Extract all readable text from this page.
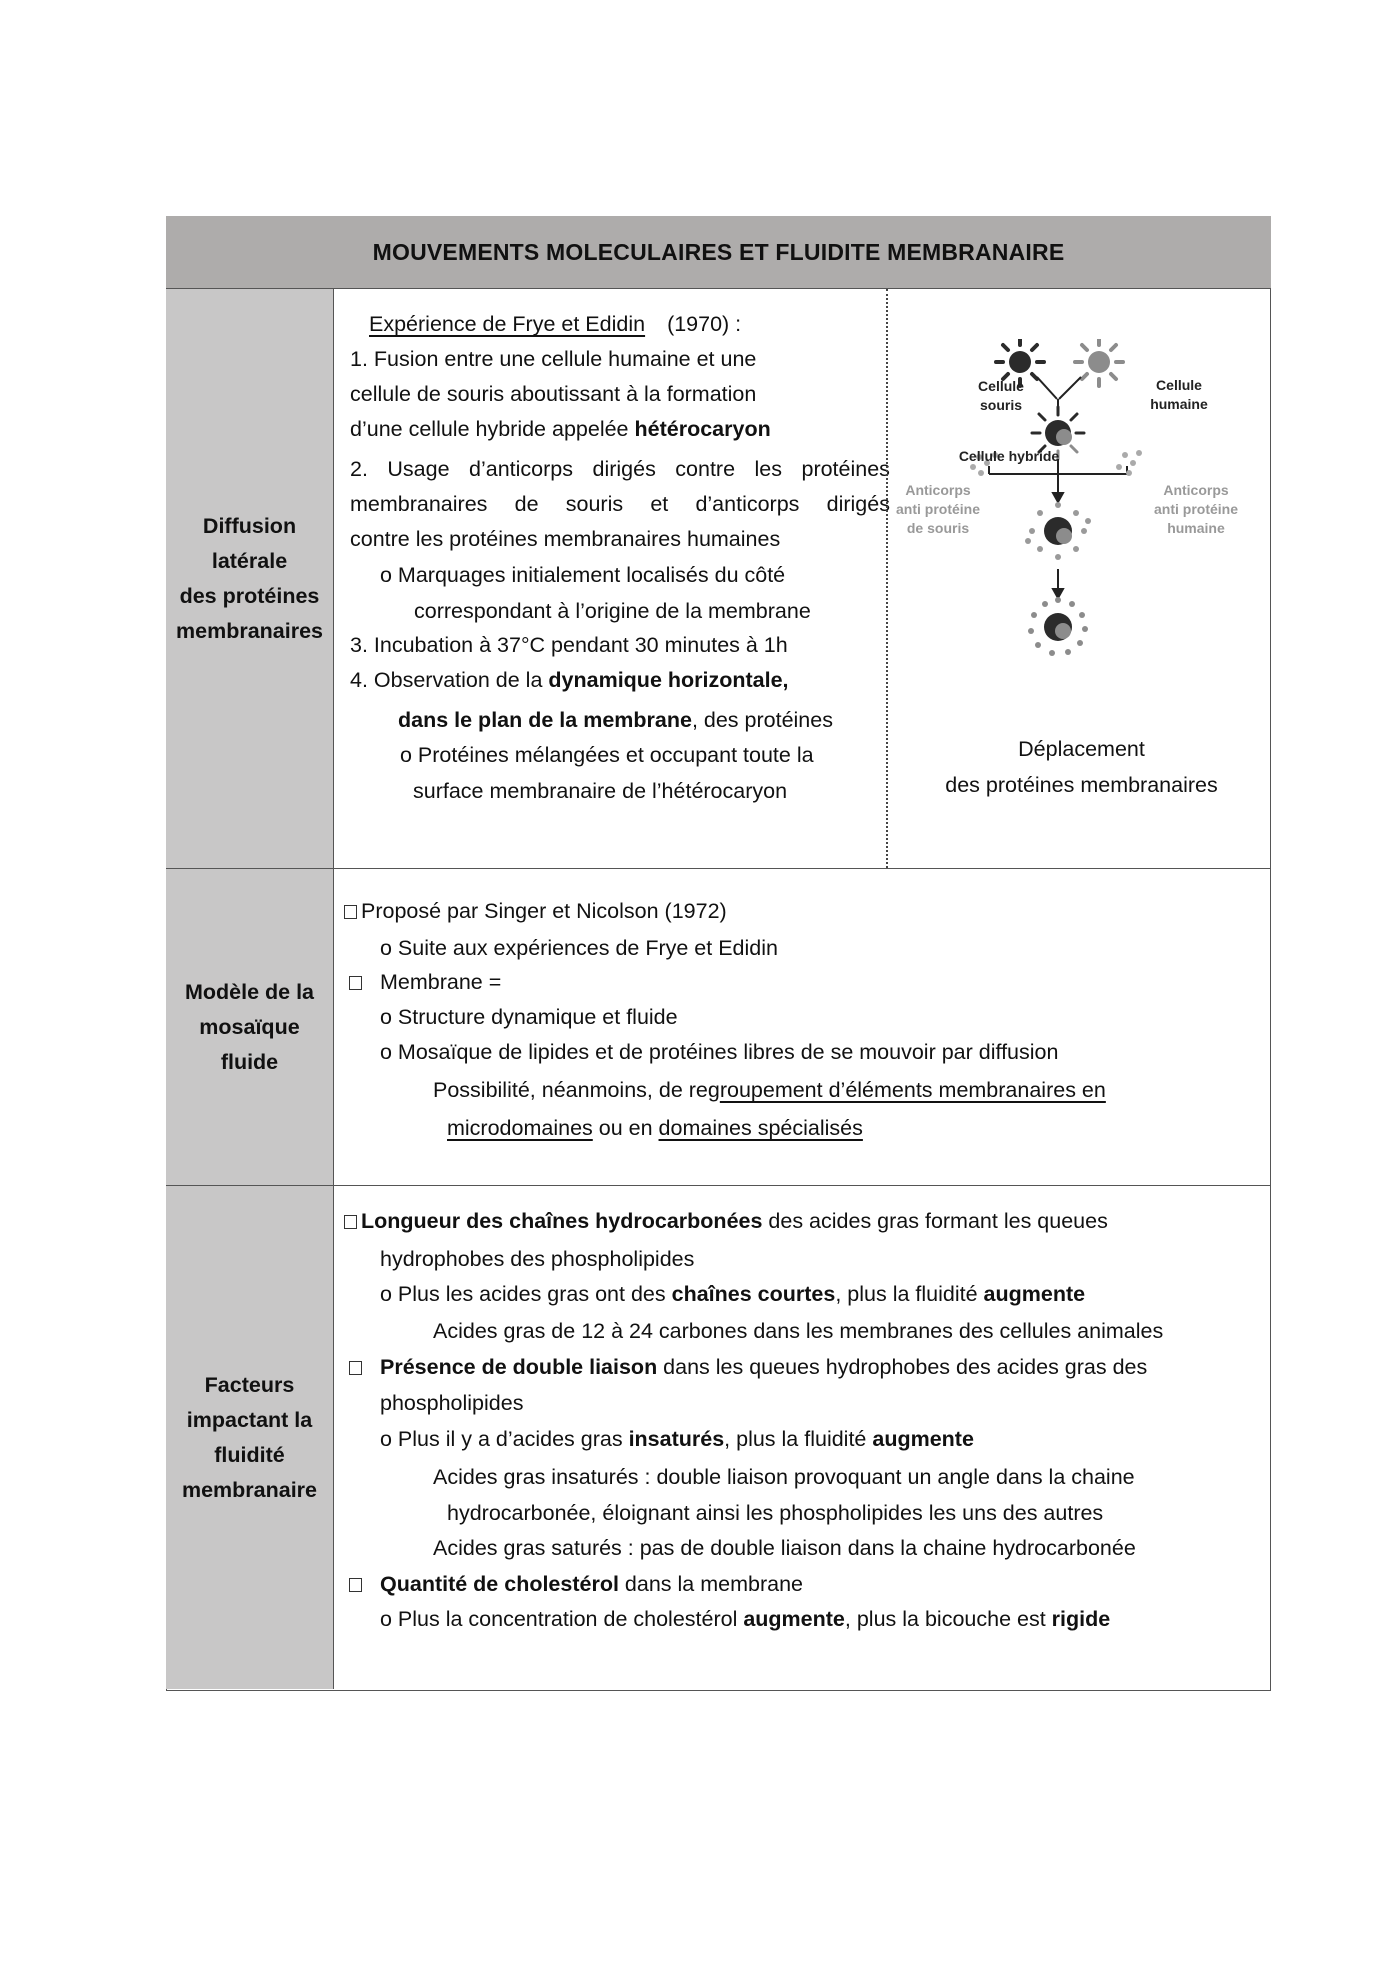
MOUVEMENTS MOLECULAIRES ET FLUIDITE MEMBRANAIRE
Diffusion
latérale
des protéines
membranaires
Expérience de Frye et Edidin (1970) :
1. Fusion entre une cellule humaine et une
cellule de souris aboutissant à la formation
d’une cellule hybride appelée hétérocaryon
2. Usage d’anticorps dirigés contre les protéines
membranaires de souris et d’anticorps dirigés
contre les protéines membranaires humaines
o Marquages initialement localisés du côté
correspondant à l’origine de la membrane
3. Incubation à 37°C pendant 30 minutes à 1h
4. Observation de la dynamique horizontale,
dans le plan de la membrane, des protéines
o Protéines mélangées et occupant toute la
surface membranaire de l’hétérocaryon
Cellule
souris
Cellule
humaine
Cellule hybride
Anticorps
anti protéine
de souris
Anticorps
anti protéine
humaine
Déplacement
des protéines membranaires
Modèle de la
mosaïque
fluide
Proposé par Singer et Nicolson (1972)
o Suite aux expériences de Frye et Edidin
Membrane =
o Structure dynamique et fluide
o Mosaïque de lipides et de protéines libres de se mouvoir par diffusion
Possibilité, néanmoins, de regroupement d’éléments membranaires en
microdomaines ou en domaines spécialisés
Facteurs
impactant la
fluidité
membranaire
Longueur des chaînes hydrocarbonées des acides gras formant les queues
hydrophobes des phospholipides
o Plus les acides gras ont des chaînes courtes, plus la fluidité augmente
Acides gras de 12 à 24 carbones dans les membranes des cellules animales
Présence de double liaison dans les queues hydrophobes des acides gras des
phospholipides
o Plus il y a d’acides gras insaturés, plus la fluidité augmente
Acides gras insaturés : double liaison provoquant un angle dans la chaine
hydrocarbonée, éloignant ainsi les phospholipides les uns des autres
Acides gras saturés : pas de double liaison dans la chaine hydrocarbonée
Quantité de cholestérol dans la membrane
o Plus la concentration de cholestérol augmente, plus la bicouche est rigide
